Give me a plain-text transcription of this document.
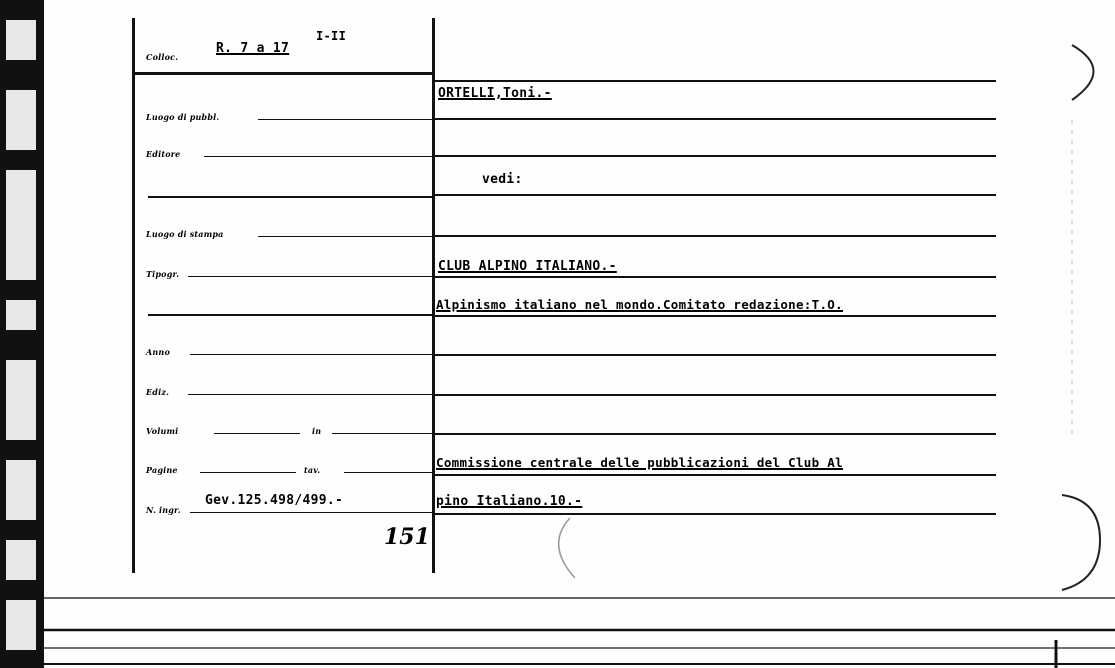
Colloc.
R. 7 a 17
I-II
Luogo di pubbl.
Editore
Luogo di stampa
Tipogr.
Anno
Ediz.
Volumi	in
Pagine	tav.
N. ingr.
Gev.125.498/499.-
151
ORTELLI,Toni.-
vedi:
CLUB ALPINO ITALIANO.-
Alpinismo italiano nel mondo.Comitato redazione:T.O.
Commissione centrale delle pubblicazioni del Club Al
pino Italiano.10.-
